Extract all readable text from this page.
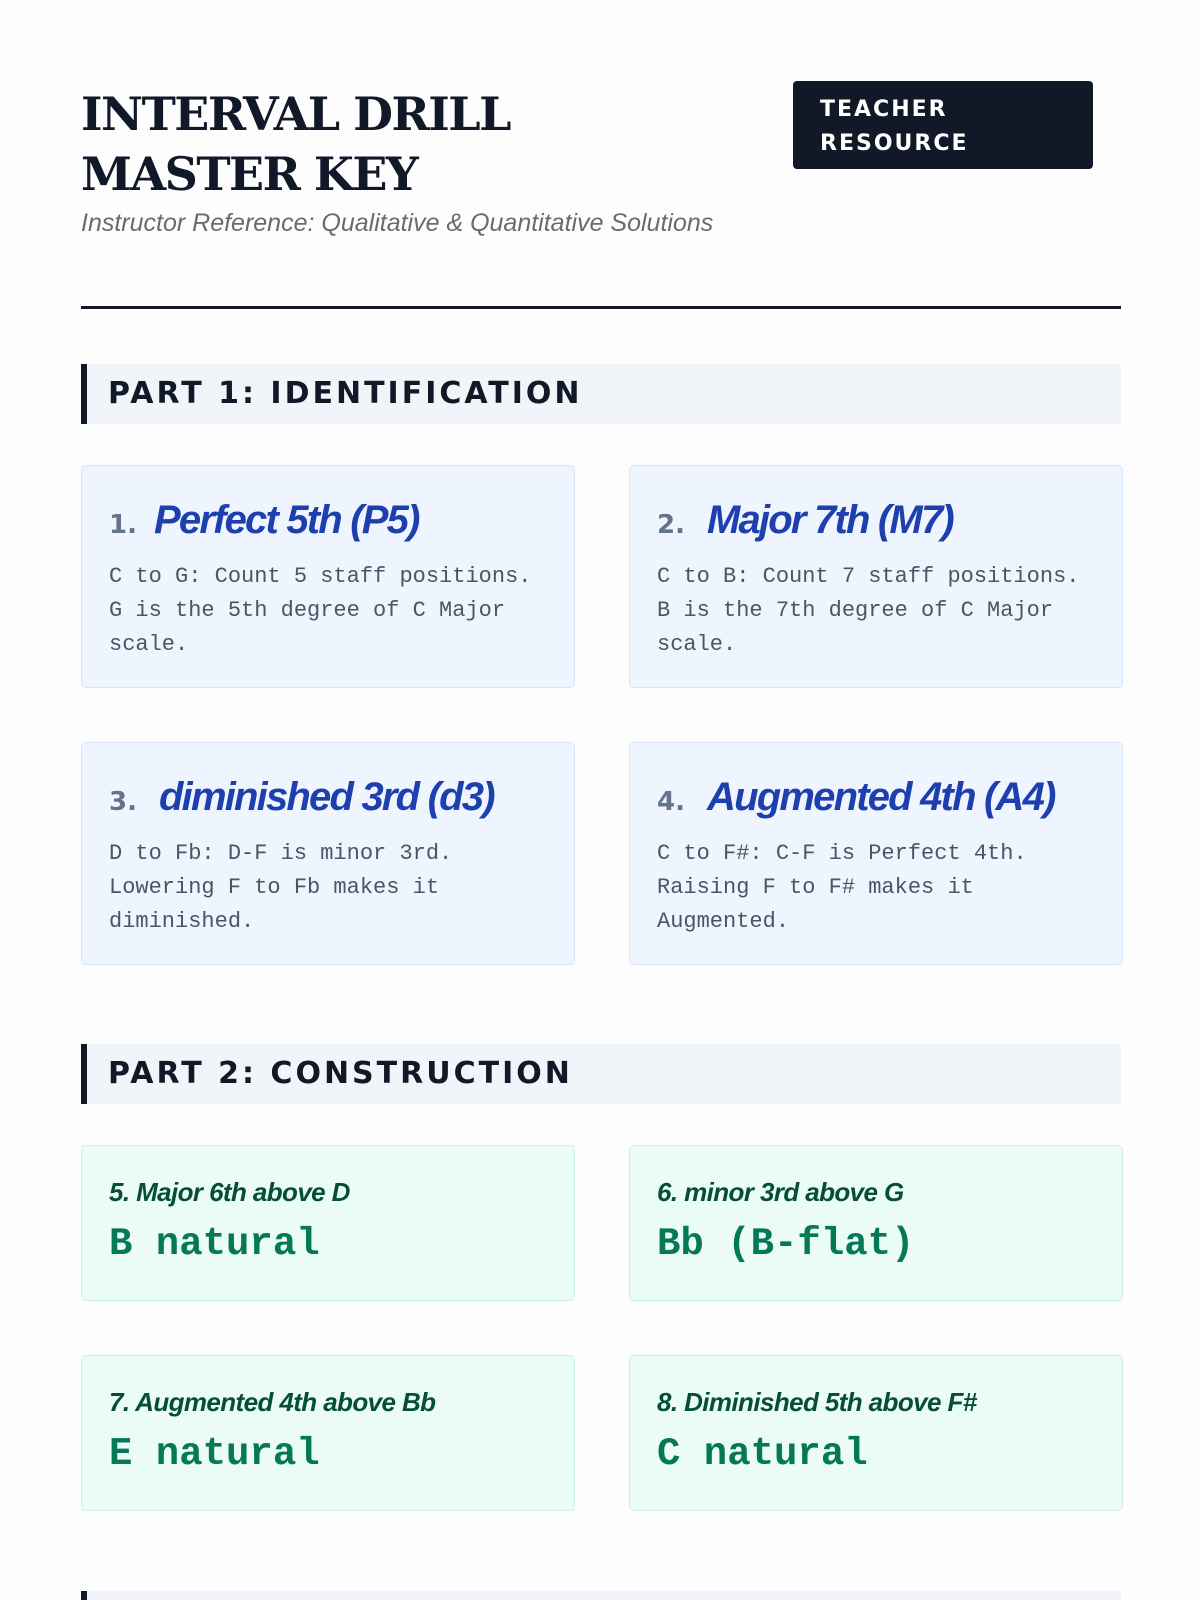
INTERVAL DRILL MASTER KEY

Instructor Reference: Qualitative & Quantitative Solutions

TEACHER RESOURCE
PART 1: IDENTIFICATION
1. Perfect 5th (P5)
C to G: Count 5 staff positions. G is the 5th degree of C Major scale.
2. Major 7th (M7)
C to B: Count 7 staff positions. B is the 7th degree of C Major scale.
3. diminished 3rd (d3)
D to Fb: D-F is minor 3rd. Lowering F to Fb makes it diminished.
4. Augmented 4th (A4)
C to F#: C-F is Perfect 4th. Raising F to F# makes it Augmented.
PART 2: CONSTRUCTION
5. Major 6th above D
B natural
6. minor 3rd above G
Bb (B-flat)
7. Augmented 4th above Bb
E natural
8. Diminished 5th above F#
C natural
